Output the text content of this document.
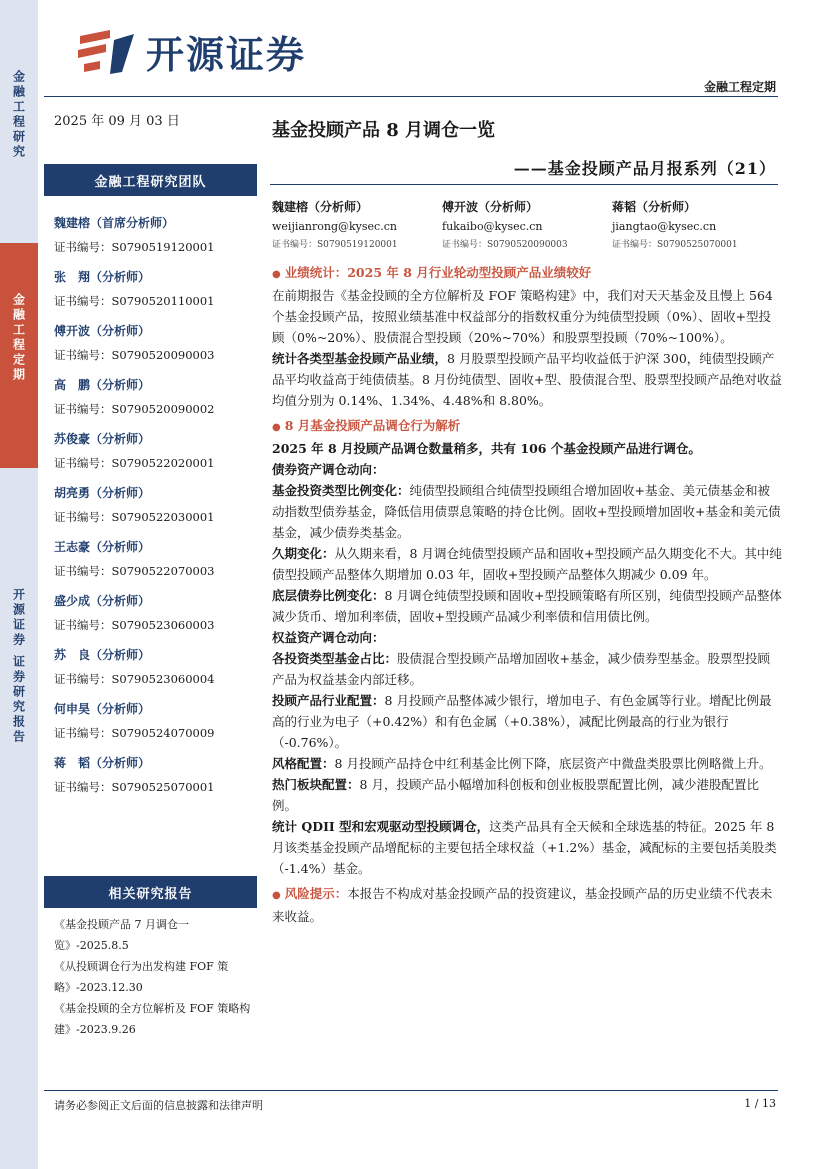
金融工程研究
金融工程定期
开源证券 证券研究报告
开源证券
金融工程定期
2025 年 09 月 03 日
金融工程研究团队
魏建榕（首席分析师）
证书编号：S0790519120001
张　翔（分析师）
证书编号：S0790520110001
傅开波（分析师）
证书编号：S0790520090003
高　鹏（分析师）
证书编号：S0790520090002
苏俊豪（分析师）
证书编号：S0790522020001
胡亮勇（分析师）
证书编号：S0790522030001
王志豪（分析师）
证书编号：S0790522070003
盛少成（分析师）
证书编号：S0790523060003
苏　良（分析师）
证书编号：S0790523060004
何申昊（分析师）
证书编号：S0790524070009
蒋　韬（分析师）
证书编号：S0790525070001
相关研究报告
《基金投顾产品 7 月调仓一览》-2025.8.5
《从投顾调仓行为出发构建 FOF 策略》-2023.12.30
《基金投顾的全方位解析及 FOF 策略构建》-2023.9.26
基金投顾产品 8 月调仓一览
——基金投顾产品月报系列（21）
魏建榕（分析师）
weijianrong@kysec.cn
证书编号：S0790519120001
傅开波（分析师）
fukaibo@kysec.cn
证书编号：S0790520090003
蒋韬（分析师）
jiangtao@kysec.cn
证书编号：S0790525070001

● 业绩统计：2025 年 8 月行业轮动型投顾产品业绩较好

在前期报告《基金投顾的全方位解析及 FOF 策略构建》中，我们对天天基金及且慢上 564 个基金投顾产品，按照业绩基准中权益部分的指数权重分为纯债型投顾（0%）、固收+型投顾（0%~20%）、股债混合型投顾（20%~70%）和股票型投顾（70%~100%）。

统计各类型基金投顾产品业绩，8 月股票型投顾产品平均收益低于沪深 300，纯债型投顾产品平均收益高于纯债债基。8 月份纯债型、固收+型、股债混合型、股票型投顾产品绝对收益均值分别为 0.14%、1.34%、4.48%和 8.80%。

● 8 月基金投顾产品调仓行为解析

2025 年 8 月投顾产品调仓数量稍多，共有 106 个基金投顾产品进行调仓。

债券资产调仓动向：

基金投资类型比例变化：纯债型投顾组合纯债型投顾组合增加固收+基金、美元债基金和被动指数型债券基金，降低信用债票息策略的持仓比例。固收+型投顾增加固收+基金和美元债基金，减少债券类基金。

久期变化：从久期来看，8 月调仓纯债型投顾产品和固收+型投顾产品久期变化不大。其中纯债型投顾产品整体久期增加 0.03 年，固收+型投顾产品整体久期减少 0.09 年。

底层债券比例变化：8 月调仓纯债型投顾和固收+型投顾策略有所区别，纯债型投顾产品整体减少货币、增加利率债，固收+型投顾产品减少利率债和信用债比例。

权益资产调仓动向：

各投资类型基金占比：股债混合型投顾产品增加固收+基金，减少债券型基金。股票型投顾产品为权益基金内部迁移。

投顾产品行业配置：8 月投顾产品整体减少银行，增加电子、有色金属等行业。增配比例最高的行业为电子（+0.42%）和有色金属（+0.38%），减配比例最高的行业为银行（-0.76%）。

风格配置：8 月投顾产品持仓中红利基金比例下降，底层资产中微盘类股票比例略微上升。

热门板块配置：8 月，投顾产品小幅增加科创板和创业板股票配置比例，减少港股配置比例。

统计 QDII 型和宏观驱动型投顾调仓，这类产品具有全天候和全球选基的特征。2025 年 8 月该类基金投顾产品增配标的主要包括全球权益（+1.2%）基金，减配标的主要包括美股类（-1.4%）基金。

● 风险提示：本报告不构成对基金投顾产品的投资建议，基金投顾产品的历史业绩不代表未来收益。

请务必参阅正文后面的信息披露和法律声明	1 / 13
